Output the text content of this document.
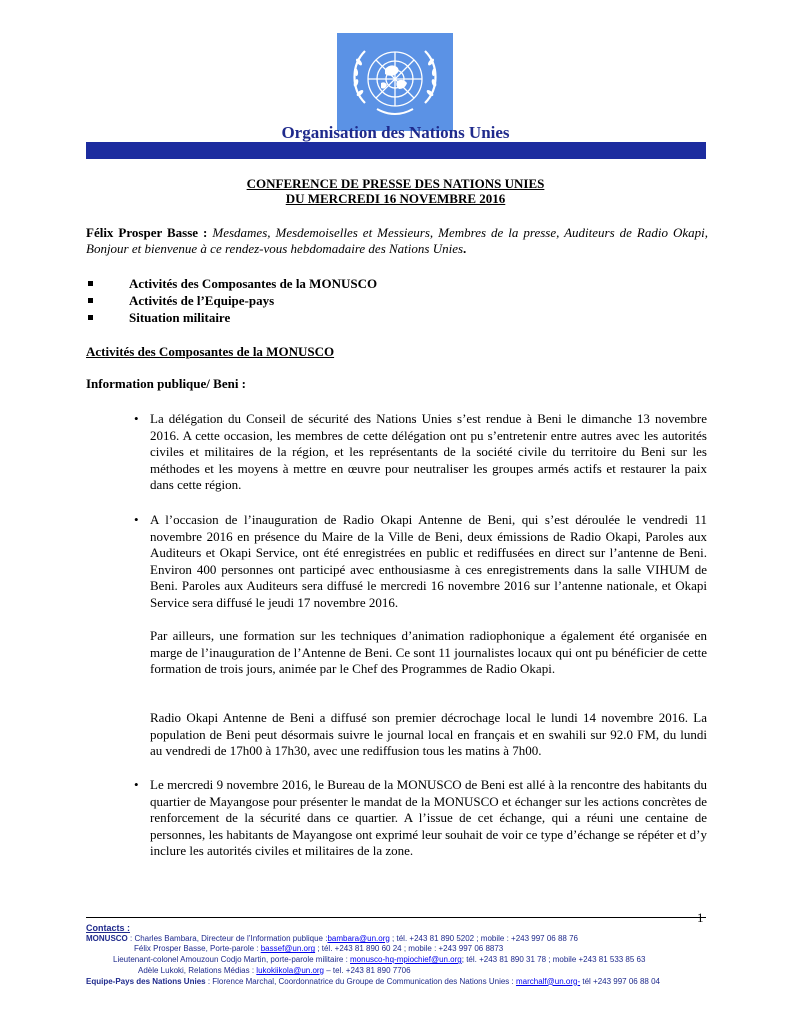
Organisation des Nations Unies
CONFERENCE DE PRESSE DES NATIONS UNIES
DU MERCREDI 16 NOVEMBRE 2016
Félix Prosper Basse : Mesdames, Mesdemoiselles et Messieurs, Membres de la presse, Auditeurs de Radio Okapi, Bonjour et bienvenue à ce rendez-vous hebdomadaire des Nations Unies.
Activités des Composantes de la MONUSCO
Activités de l’Equipe-pays
Situation militaire
Activités des Composantes de la MONUSCO
Information publique/ Beni :
• La délégation du Conseil de sécurité des Nations Unies s’est rendue à Beni le dimanche 13 novembre 2016. A cette occasion, les membres de cette délégation ont pu s’entretenir entre autres avec les autorités civiles et militaires de la région, et les représentants de la société civile du territoire du Beni sur les méthodes et les moyens à mettre en œuvre pour neutraliser les groupes armés actifs et restaurer la paix dans cette région.

• A l’occasion de l’inauguration de Radio Okapi Antenne de Beni, qui s’est déroulée le vendredi 11 novembre 2016 en présence du Maire de la Ville de Beni, deux émissions de Radio Okapi, Paroles aux Auditeurs et Okapi Service, ont été enregistrées en public et rediffusées en direct sur l’antenne de Beni. Environ 400 personnes ont participé avec enthousiasme à ces enregistrements dans la salle VIHUM de Beni. Paroles aux Auditeurs sera diffusé le mercredi 16 novembre 2016 sur l’antenne nationale, et Okapi Service sera diffusé le jeudi 17 novembre 2016.

Par ailleurs, une formation sur les techniques d’animation radiophonique a également été organisée en marge de l’inauguration de l’Antenne de Beni. Ce sont 11 journalistes locaux qui ont pu bénéficier de cette formation de trois jours, animée par le Chef des Programmes de Radio Okapi.

Radio Okapi Antenne de Beni a diffusé son premier décrochage local le lundi 14 novembre 2016. La population de Beni peut désormais suivre le journal local en français et en swahili sur 92.0 FM, du lundi au vendredi de 17h00 à 17h30, avec une rediffusion tous les matins à 7h00.

• Le mercredi 9 novembre 2016, le Bureau de la MONUSCO de Beni est allé à la rencontre des habitants du quartier de Mayangose pour présenter le mandat de la MONUSCO et échanger sur les actions concrètes de renforcement de la sécurité dans ce quartier. A l’issue de cet échange, qui a réuni une centaine de personnes, les habitants de Mayangose ont exprimé leur souhait de voir ce type d’échange se répéter et d’y inclure les autorités civiles et militaires de la zone.

1
Contacts :
MONUSCO : Charles Bambara, Directeur de l’Information publique :bambara@un.org ; tél. +243 81 890 5202 ; mobile : +243 997 06 88 76
Félix Prosper Basse, Porte-parole : bassef@un.org ; tél. +243 81 890 60 24 ; mobile : +243 997 06 8873
Lieutenant-colonel Amouzoun Codjo Martin, porte-parole militaire : monusco-hq-mpiochief@un.org; tél. +243 81 890 31 78 ; mobile +243 81 533 85 63
Adèle Lukoki, Relations Médias : lukokiikola@un.org – tel. +243 81 890 7706
Equipe-Pays des Nations Unies : Florence Marchal, Coordonnatrice du Groupe de Communication des Nations Unies : marchalf@un.org- tél +243 997 06 88 04
